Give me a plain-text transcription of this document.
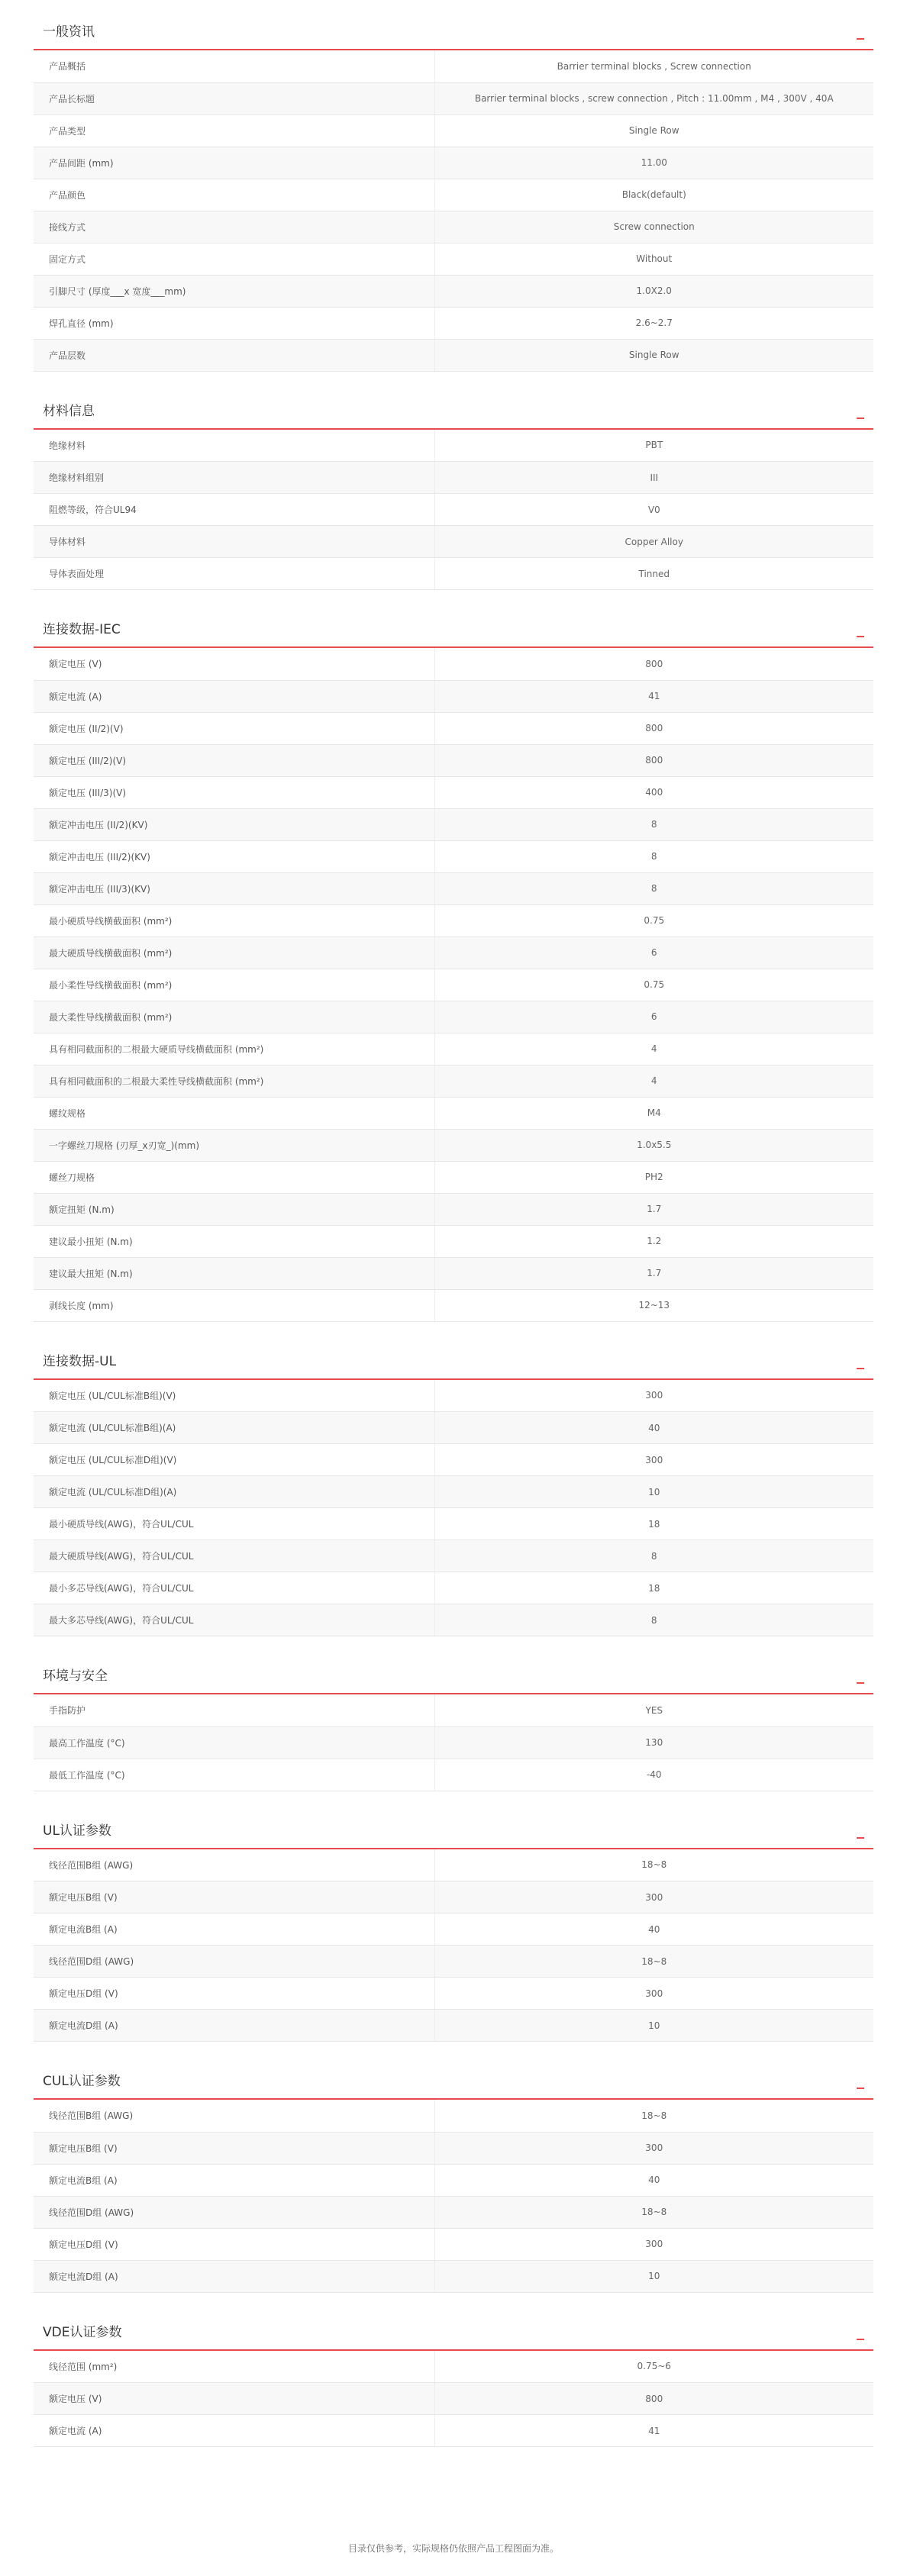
一般资讯
产品概括	Barrier terminal blocks , Screw connection
产品长标题	Barrier terminal blocks , screw connection , Pitch : 11.00mm , M4 , 300V , 40A
产品类型	Single Row
产品间距 (mm)	11.00
产品颜色	Black(default)
接线方式	Screw connection
固定方式	Without
引脚尺寸 (厚度___x 宽度___mm)	1.0X2.0
焊孔直径 (mm)	2.6~2.7
产品层数	Single Row
材料信息
绝缘材料	PBT
绝缘材料组别	III
阻燃等级，符合UL94	V0
导体材料	Copper Alloy
导体表面处理	Tinned
连接数据-IEC
额定电压 (V)	800
额定电流 (A)	41
额定电压 (II/2)(V)	800
额定电压 (III/2)(V)	800
额定电压 (III/3)(V)	400
额定冲击电压 (II/2)(KV)	8
额定冲击电压 (III/2)(KV)	8
额定冲击电压 (III/3)(KV)	8
最小硬质导线横截面积 (mm²)	0.75
最大硬质导线横截面积 (mm²)	6
最小柔性导线横截面积 (mm²)	0.75
最大柔性导线横截面积 (mm²)	6
具有相同截面积的二根最大硬质导线横截面积 (mm²)	4
具有相同截面积的二根最大柔性导线横截面积 (mm²)	4
螺纹规格	M4
一字螺丝刀规格 (刃厚_x刃宽_)(mm)	1.0x5.5
螺丝刀规格	PH2
额定扭矩 (N.m)	1.7
建议最小扭矩 (N.m)	1.2
建议最大扭矩 (N.m)	1.7
剥线长度 (mm)	12~13
连接数据-UL
额定电压 (UL/CUL标准B组)(V)	300
额定电流 (UL/CUL标准B组)(A)	40
额定电压 (UL/CUL标准D组)(V)	300
额定电流 (UL/CUL标准D组)(A)	10
最小硬质导线(AWG)，符合UL/CUL	18
最大硬质导线(AWG)，符合UL/CUL	8
最小多芯导线(AWG)，符合UL/CUL	18
最大多芯导线(AWG)，符合UL/CUL	8
环境与安全
手指防护	YES
最高工作温度 (°C)	130
最低工作温度 (°C)	-40
UL认证参数
线径范围B组 (AWG)	18~8
额定电压B组 (V)	300
额定电流B组 (A)	40
线径范围D组 (AWG)	18~8
额定电压D组 (V)	300
额定电流D组 (A)	10
CUL认证参数
线径范围B组 (AWG)	18~8
额定电压B组 (V)	300
额定电流B组 (A)	40
线径范围D组 (AWG)	18~8
额定电压D组 (V)	300
额定电流D组 (A)	10
VDE认证参数
线径范围 (mm²)	0.75~6
额定电压 (V)	800
额定电流 (A)	41
目录仅供参考，实际规格仍依照产品工程图面为准。
